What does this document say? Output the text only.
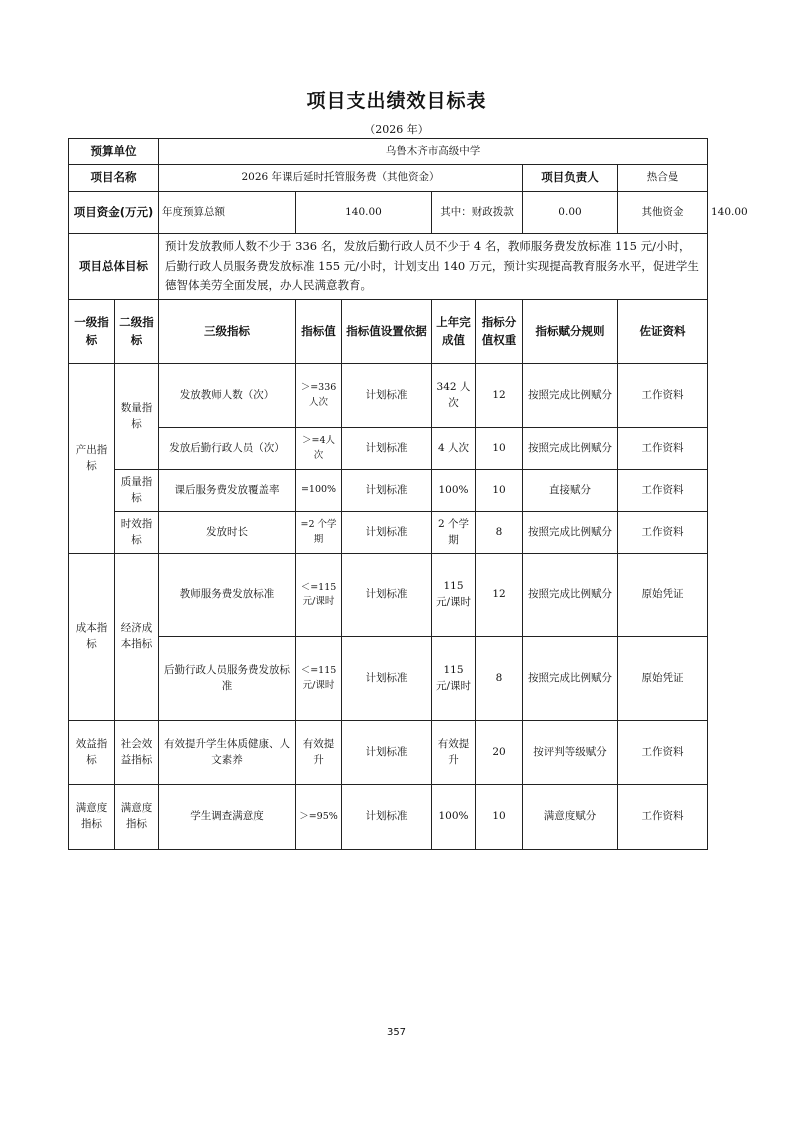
项目支出绩效目标表
（2026 年）
预算单位		乌鲁木齐市高级中学							
项目名称		2026 年课后延时托管服务费（其他资金）					项目负责人	热合曼	
项目资金(万元)		年度预算总额	140.00		其中：财政拨款		0.00	其他资金	140.00
项目总体目标		预计发放教师人数不少于 336 名，发放后勤行政人员不少于 4 名，教师服务费发放标准 115 元/小时，后勤行政人员服务费发放标准 155 元/小时，计划支出 140 万元，预计实现提高教育服务水平，促进学生德智体美劳全面发展，办人民满意教育。							
一级指标	二级指标	三级指标	指标值	指标值设置依据	上年完成值	指标分值权重	指标赋分规则	佐证资料	
产出指标	数量指标	发放教师人数（次）	＞=336人次	计划标准	342 人次	12	按照完成比例赋分	工作资料	
		发放后勤行政人员（次）	＞=4人次	计划标准	4 人次	10	按照完成比例赋分	工作资料	
	质量指标	课后服务费发放覆盖率	=100%	计划标准	100%	10	直接赋分	工作资料	
	时效指标	发放时长	=2 个学期	计划标准	2 个学期	8	按照完成比例赋分	工作资料	
成本指标	经济成本指标	教师服务费发放标准	＜=115元/课时	计划标准	115 元/课时	12	按照完成比例赋分	原始凭证	
		后勤行政人员服务费发放标准	＜=115元/课时	计划标准	115 元/课时	8	按照完成比例赋分	原始凭证	
效益指标	社会效益指标	有效提升学生体质健康、人文素养	有效提升	计划标准	有效提升	20	按评判等级赋分	工作资料	
满意度指标	满意度指标	学生调查满意度	＞=95%	计划标准	100%	10	满意度赋分	工作资料	
357
